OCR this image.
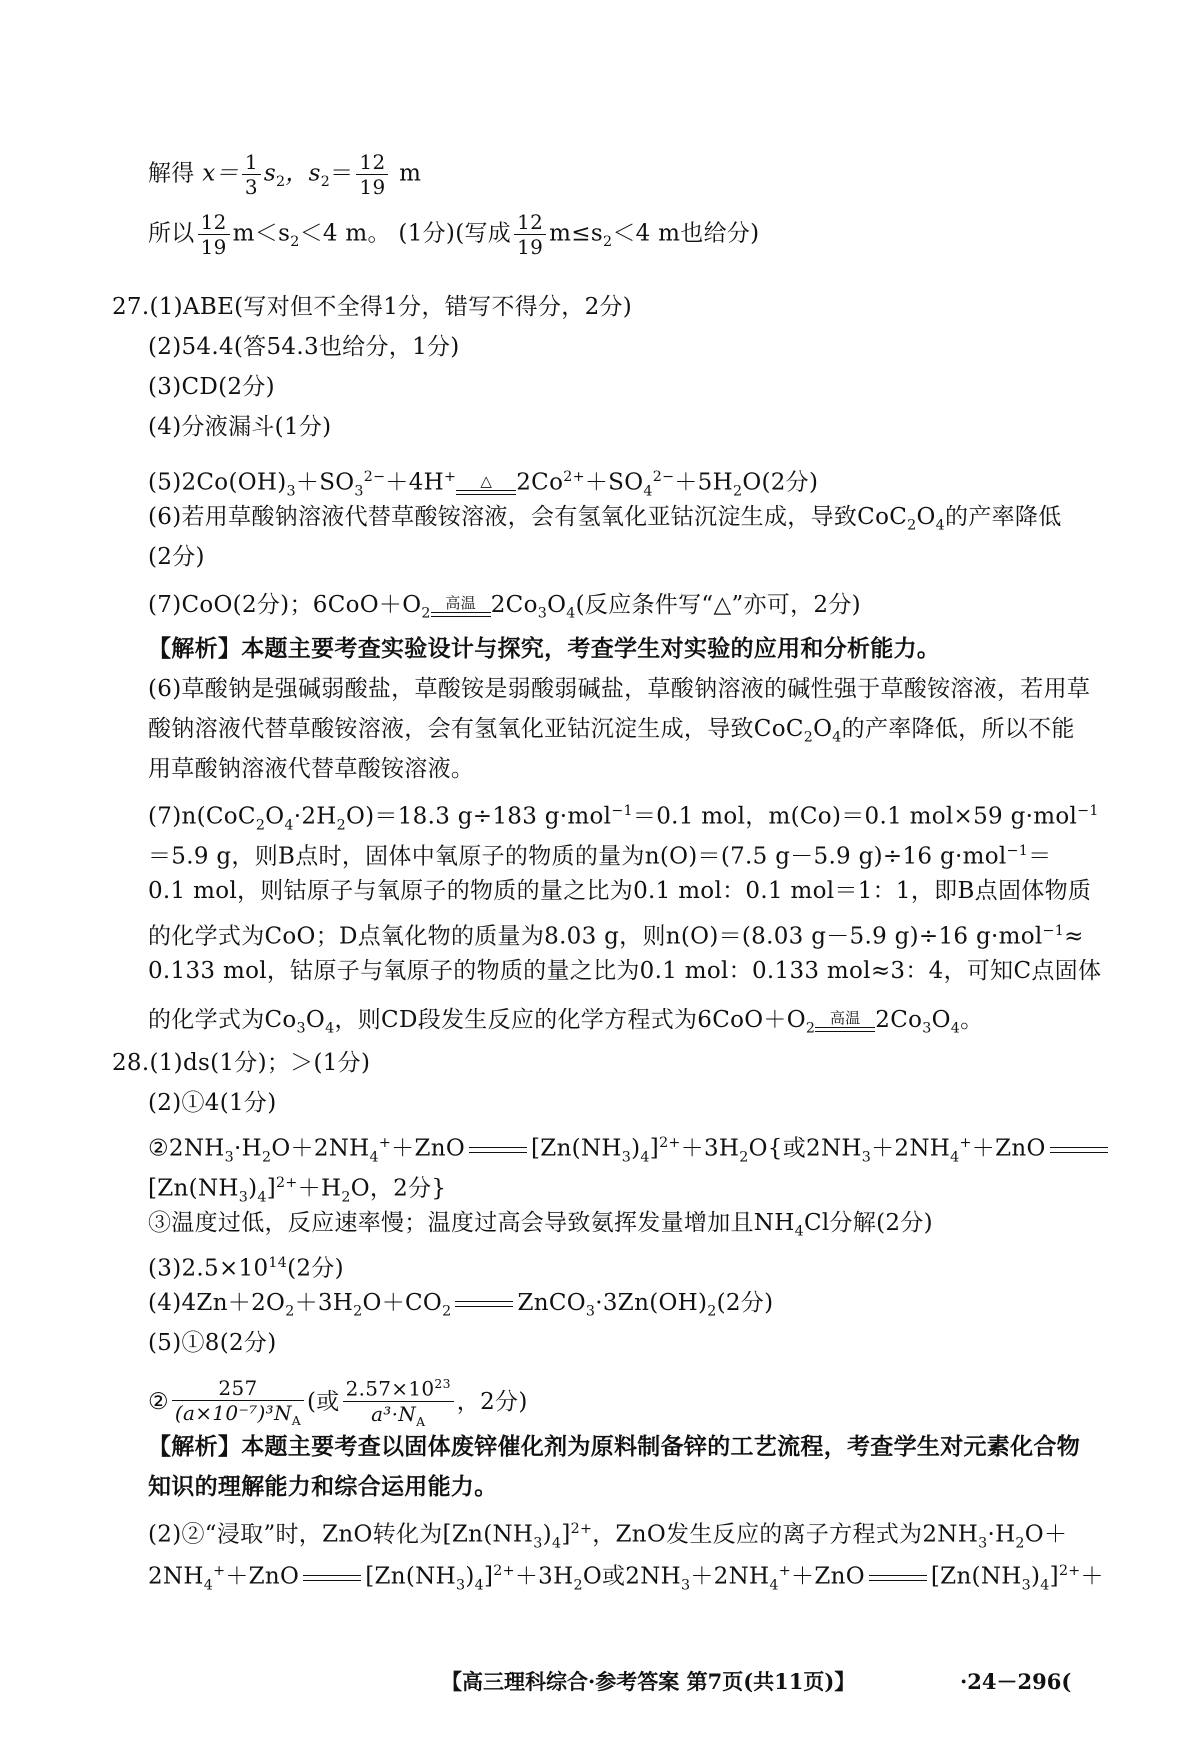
解得 $x= \frac{1}{3} s_2$，$s_2= \frac{12}{19}$ m
所以 $\frac{12}{19} m<s_2<4$ m。 (1分)(写成 $\frac{12}{19} m\le s_2<4$ m也给分)
27.(1)ABE(写对但不全得1分，错写不得分，2分)
(2)54.4(答54.3也给分，1分)
(3)CD(2分)
(4)分液漏斗(1分)
$(5)2Co(OH)_3+SO_3^{2-}+4H^+$	△	$2Co^{2+}+SO_4^{2-}+5H_2O(2$分)
(6)若用草酸钠溶液代替草酸铵溶液，会有氢氧化亚钴沉淀生成，导致$CoC_2O_4$的产率降低
(2分)
(7)CoO(2分)；$6CoO+O_2$
高温 $2Co_3O_4$(反应条件写“△”亦可，2分)
【解析】本题主要考查实验设计与探究，考查学生对实验的应用和分析能力。
(6)草酸钠是强碱弱酸盐，草酸铵是弱酸弱碱盐，草酸钠溶液的碱性强于草酸铵溶液，若用草
酸钠溶液代替草酸铵溶液，会有氢氧化亚钴沉淀生成，导致$CoC_2O_4$的产率降低，所以不能
用草酸钠溶液代替草酸铵溶液。
$(7)n(CoC_2O_4\cdot 2H_2O)=18.3$ g÷183 g·mol$^{-1}$＝0.1 mol，m(Co)＝0.1 mol×59 g·mol$^{-1}$
＝5.9 g，则B点时，固体中氧原子的物质的量为n(O)＝(7.5 g－5.9 g)÷16 g·mol$^{-1}$＝
0.1 mol，则钴原子与氧原子的物质的量之比为0.1 mol：0.1 mol＝1：1，即B点固体物质
的化学式为CoO；D点氧化物的质量为8.03 g，则n(O)＝(8.03 g－5.9 g)÷16 g·mol$^{-1}$≈
0.133 mol，钴原子与氧原子的物质的量之比为0.1 mol：0.133 mol≈3：4，可知C点固体
的化学式为$Co_3O_4$，则CD段发生反应的化学方程式为$6CoO+O_2$
高温 $2Co_3O_4$。
28.(1)ds(1分)；＞(1分)
(2)①4(1分)
$②2NH_3\cdot H_2O+2NH_4^++ZnO$	$[Zn(NH_3)_4]^{2+}+3H_2O${或$2NH_3+2NH_4^++ZnO$
$[Zn(NH_3)_4]^{2+}+H_2O$，2分}
③温度过低，反应速率慢；温度过高会导致氨挥发量增加且$NH_4Cl$分解(2分)
$(3)2.5\times 10^{14}(2$分)
$(4)4Zn+2O_2+3H_2O+CO_2$	$ZnCO_3\cdot 3Zn(OH)_2(2$分)
(5)①8(2分)
② $\frac{257}{(a\times 10^{-7})^3N_A}$ (或 $\frac{2.57\times 10^{23}}{a^3\cdot N_A}$ ，2分)
【解析】本题主要考查以固体废锌催化剂为原料制备锌的工艺流程，考查学生对元素化合物
知识的理解能力和综合运用能力。
(2)②“浸取”时，ZnO转化为$[Zn(NH_3)_4]^{2+}$，ZnO发生反应的离子方程式为$2NH_3\cdot H_2O+$
$2NH_4^++ZnO$	$[Zn(NH_3)_4]^{2+}+3H_2O$或$2NH_3+2NH_4^++ZnO$	$[Zn(NH_3)_4]^{2+}+$
【高三理科综合·参考答案 第7页(共11页)】	·24－296(
